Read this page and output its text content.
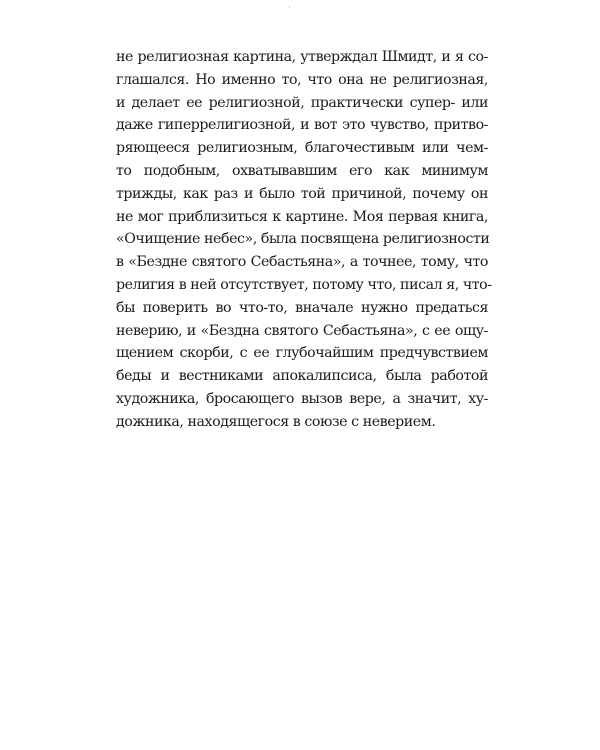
не религиозная картина, утверждал Шмидт, и я со-
глашался. Но именно то, что она не религиозная,
и делает ее религиозной, практически супер- или
даже гиперрелигиозной, и вот это чувство, притво-
ряющееся религиозным, благочестивым или чем-
то подобным, охватывавшим его как минимум
трижды, как раз и было той причиной, почему он
не мог приблизиться к картине. Моя первая книга,
«Очищение небес», была посвящена религиозности
в «Бездне святого Себастьяна», а точнее, тому, что
религия в ней отсутствует, потому что, писал я, что-
бы поверить во что-то, вначале нужно предаться
неверию, и «Бездна святого Себастьяна», с ее ощу-
щением скорби, с ее глубочайшим предчувствием
беды и вестниками апокалипсиса, была работой
художника, бросающего вызов вере, а значит, ху-
дожника, находящегося в союзе с неверием.
